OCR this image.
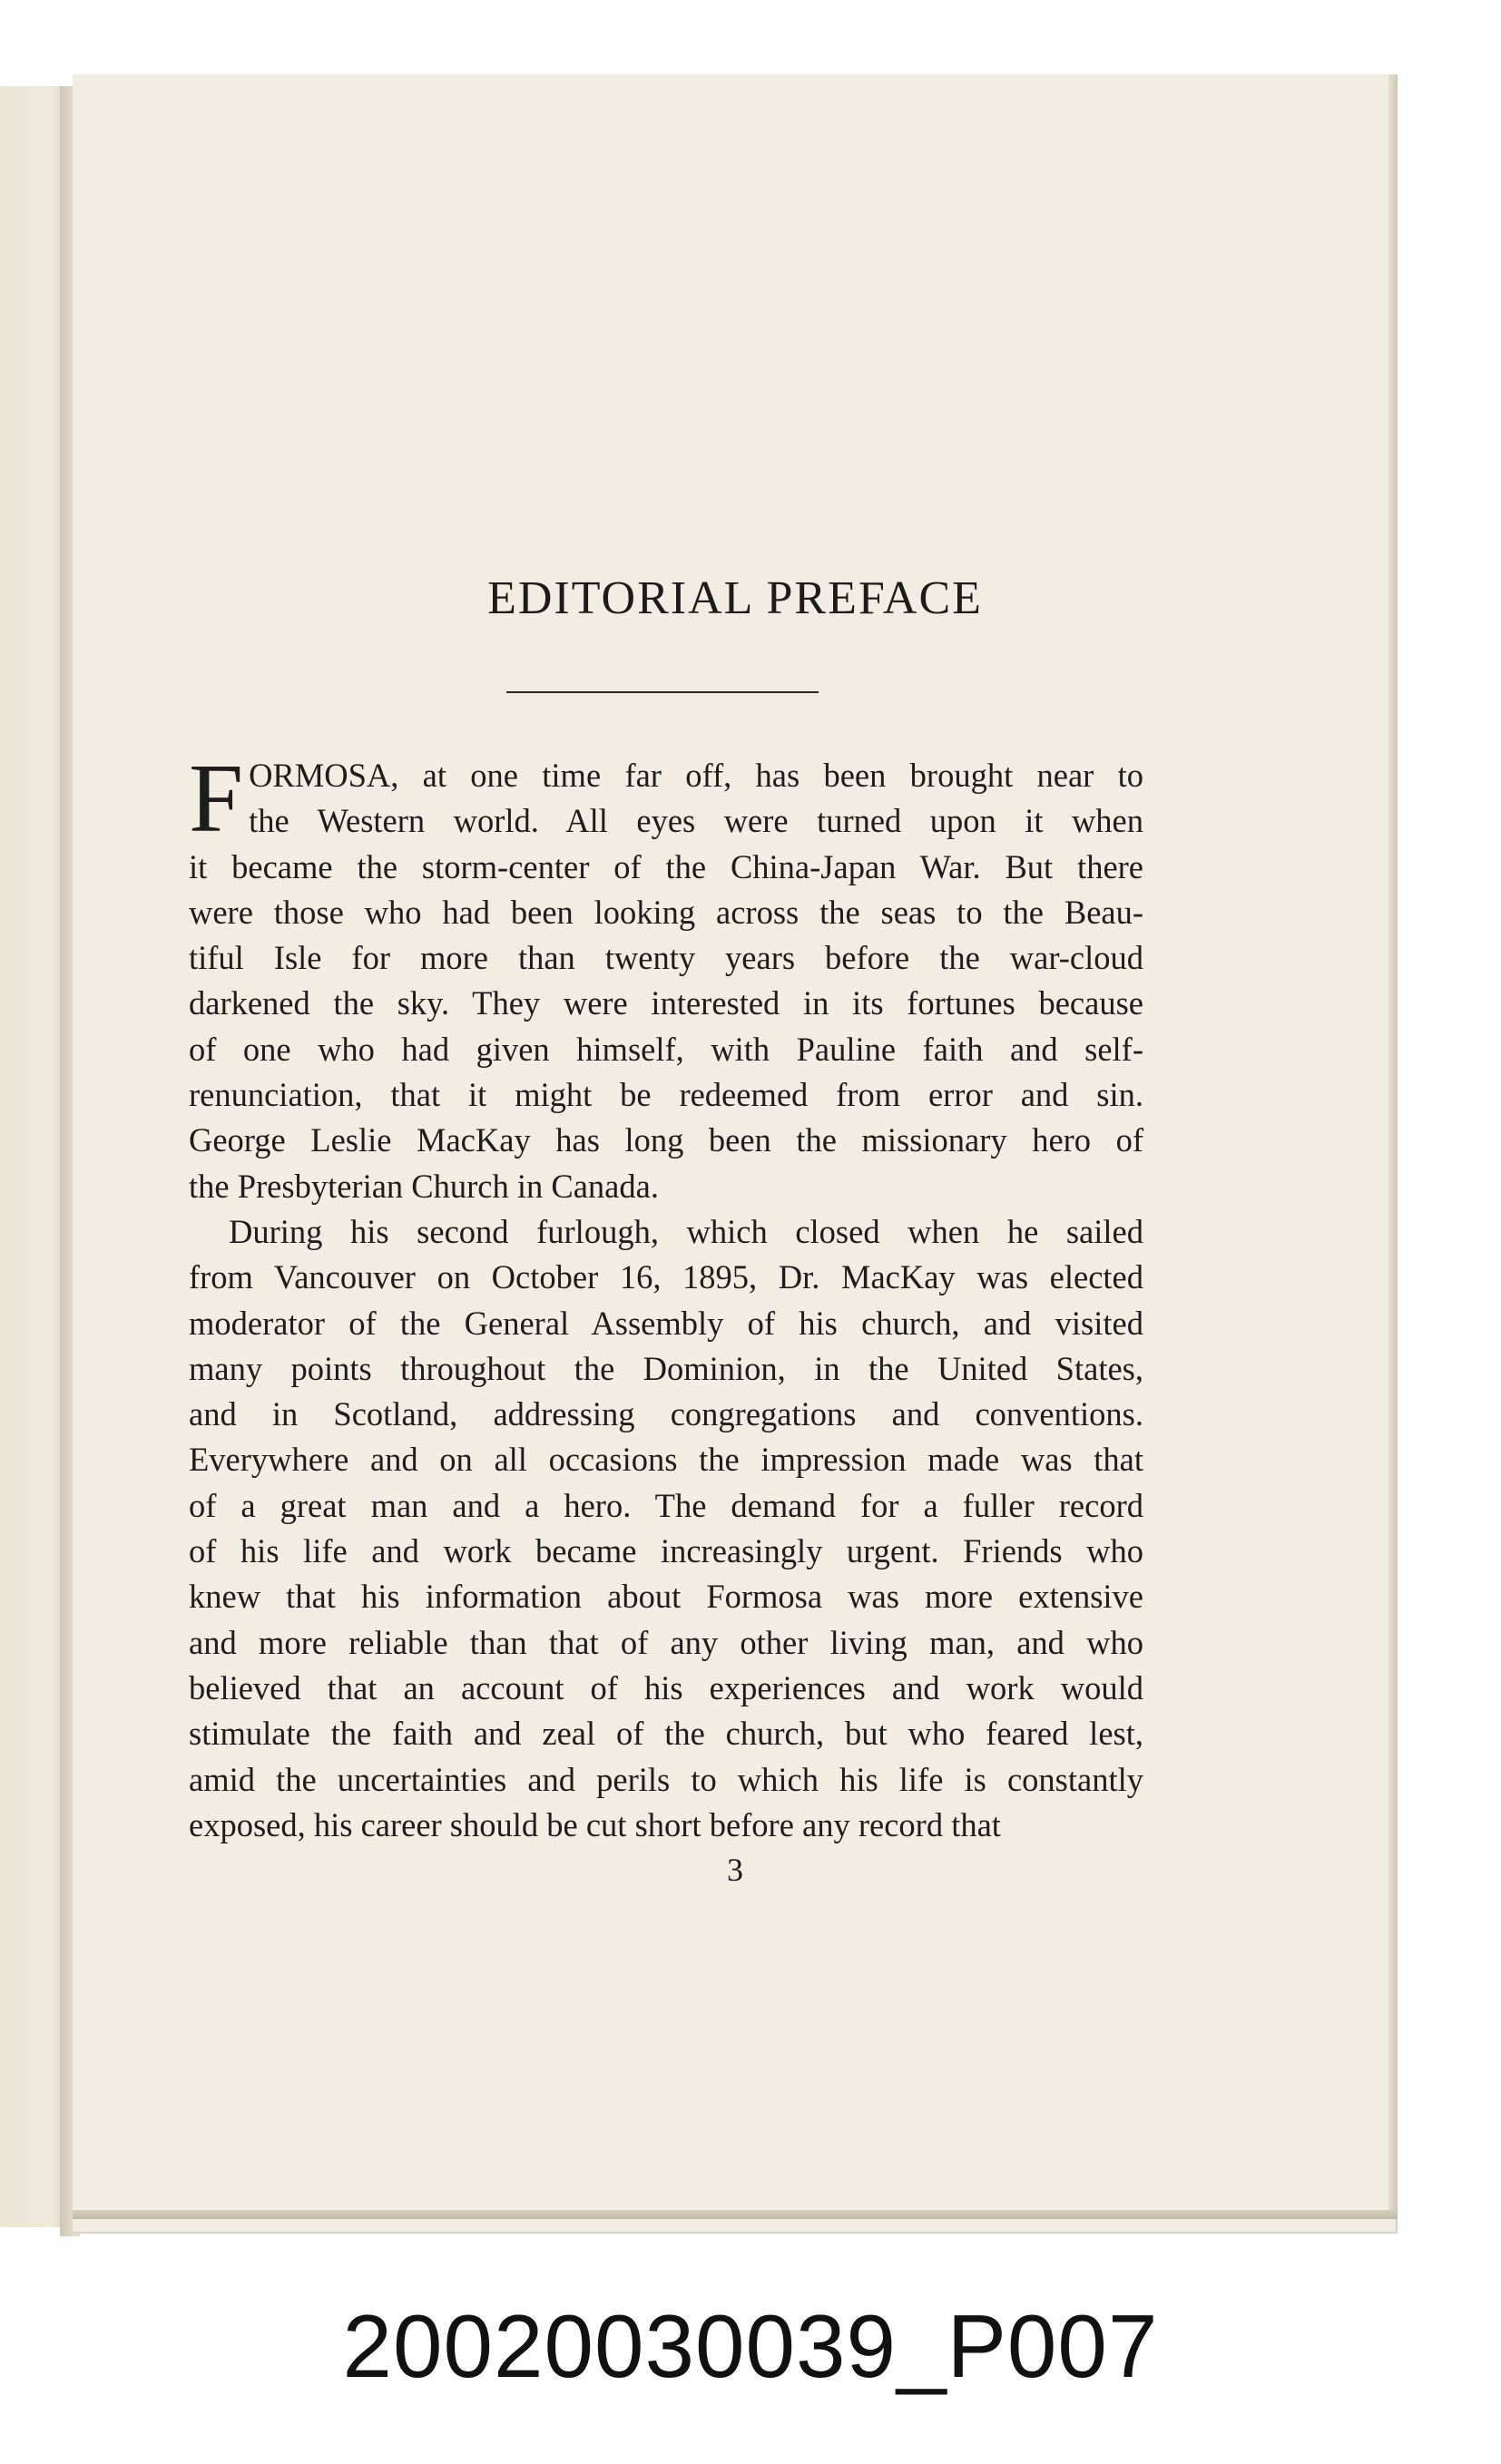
EDITORIAL PREFACE

F ORMOSA, at one time far off, has been brought near to
the Western world. All eyes were turned upon it when
it became the storm-center of the China-Japan War. But there
were those who had been looking across the seas to the Beau-
tiful Isle for more than twenty years before the war-cloud
darkened the sky. They were interested in its fortunes because
of one who had given himself, with Pauline faith and self-
renunciation, that it might be redeemed from error and sin.
George Leslie MacKay has long been the missionary hero of
the Presbyterian Church in Canada.

During his second furlough, which closed when he sailed
from Vancouver on October 16, 1895, Dr. MacKay was elected
moderator of the General Assembly of his church, and visited
many points throughout the Dominion, in the United States,
and in Scotland, addressing congregations and conventions.
Everywhere and on all occasions the impression made was that
of a great man and a hero. The demand for a fuller record
of his life and work became increasingly urgent. Friends who
knew that his information about Formosa was more extensive
and more reliable than that of any other living man, and who
believed that an account of his experiences and work would
stimulate the faith and zeal of the church, but who feared lest,
amid the uncertainties and perils to which his life is constantly
exposed, his career should be cut short before any record that

3
20020030039_P007
